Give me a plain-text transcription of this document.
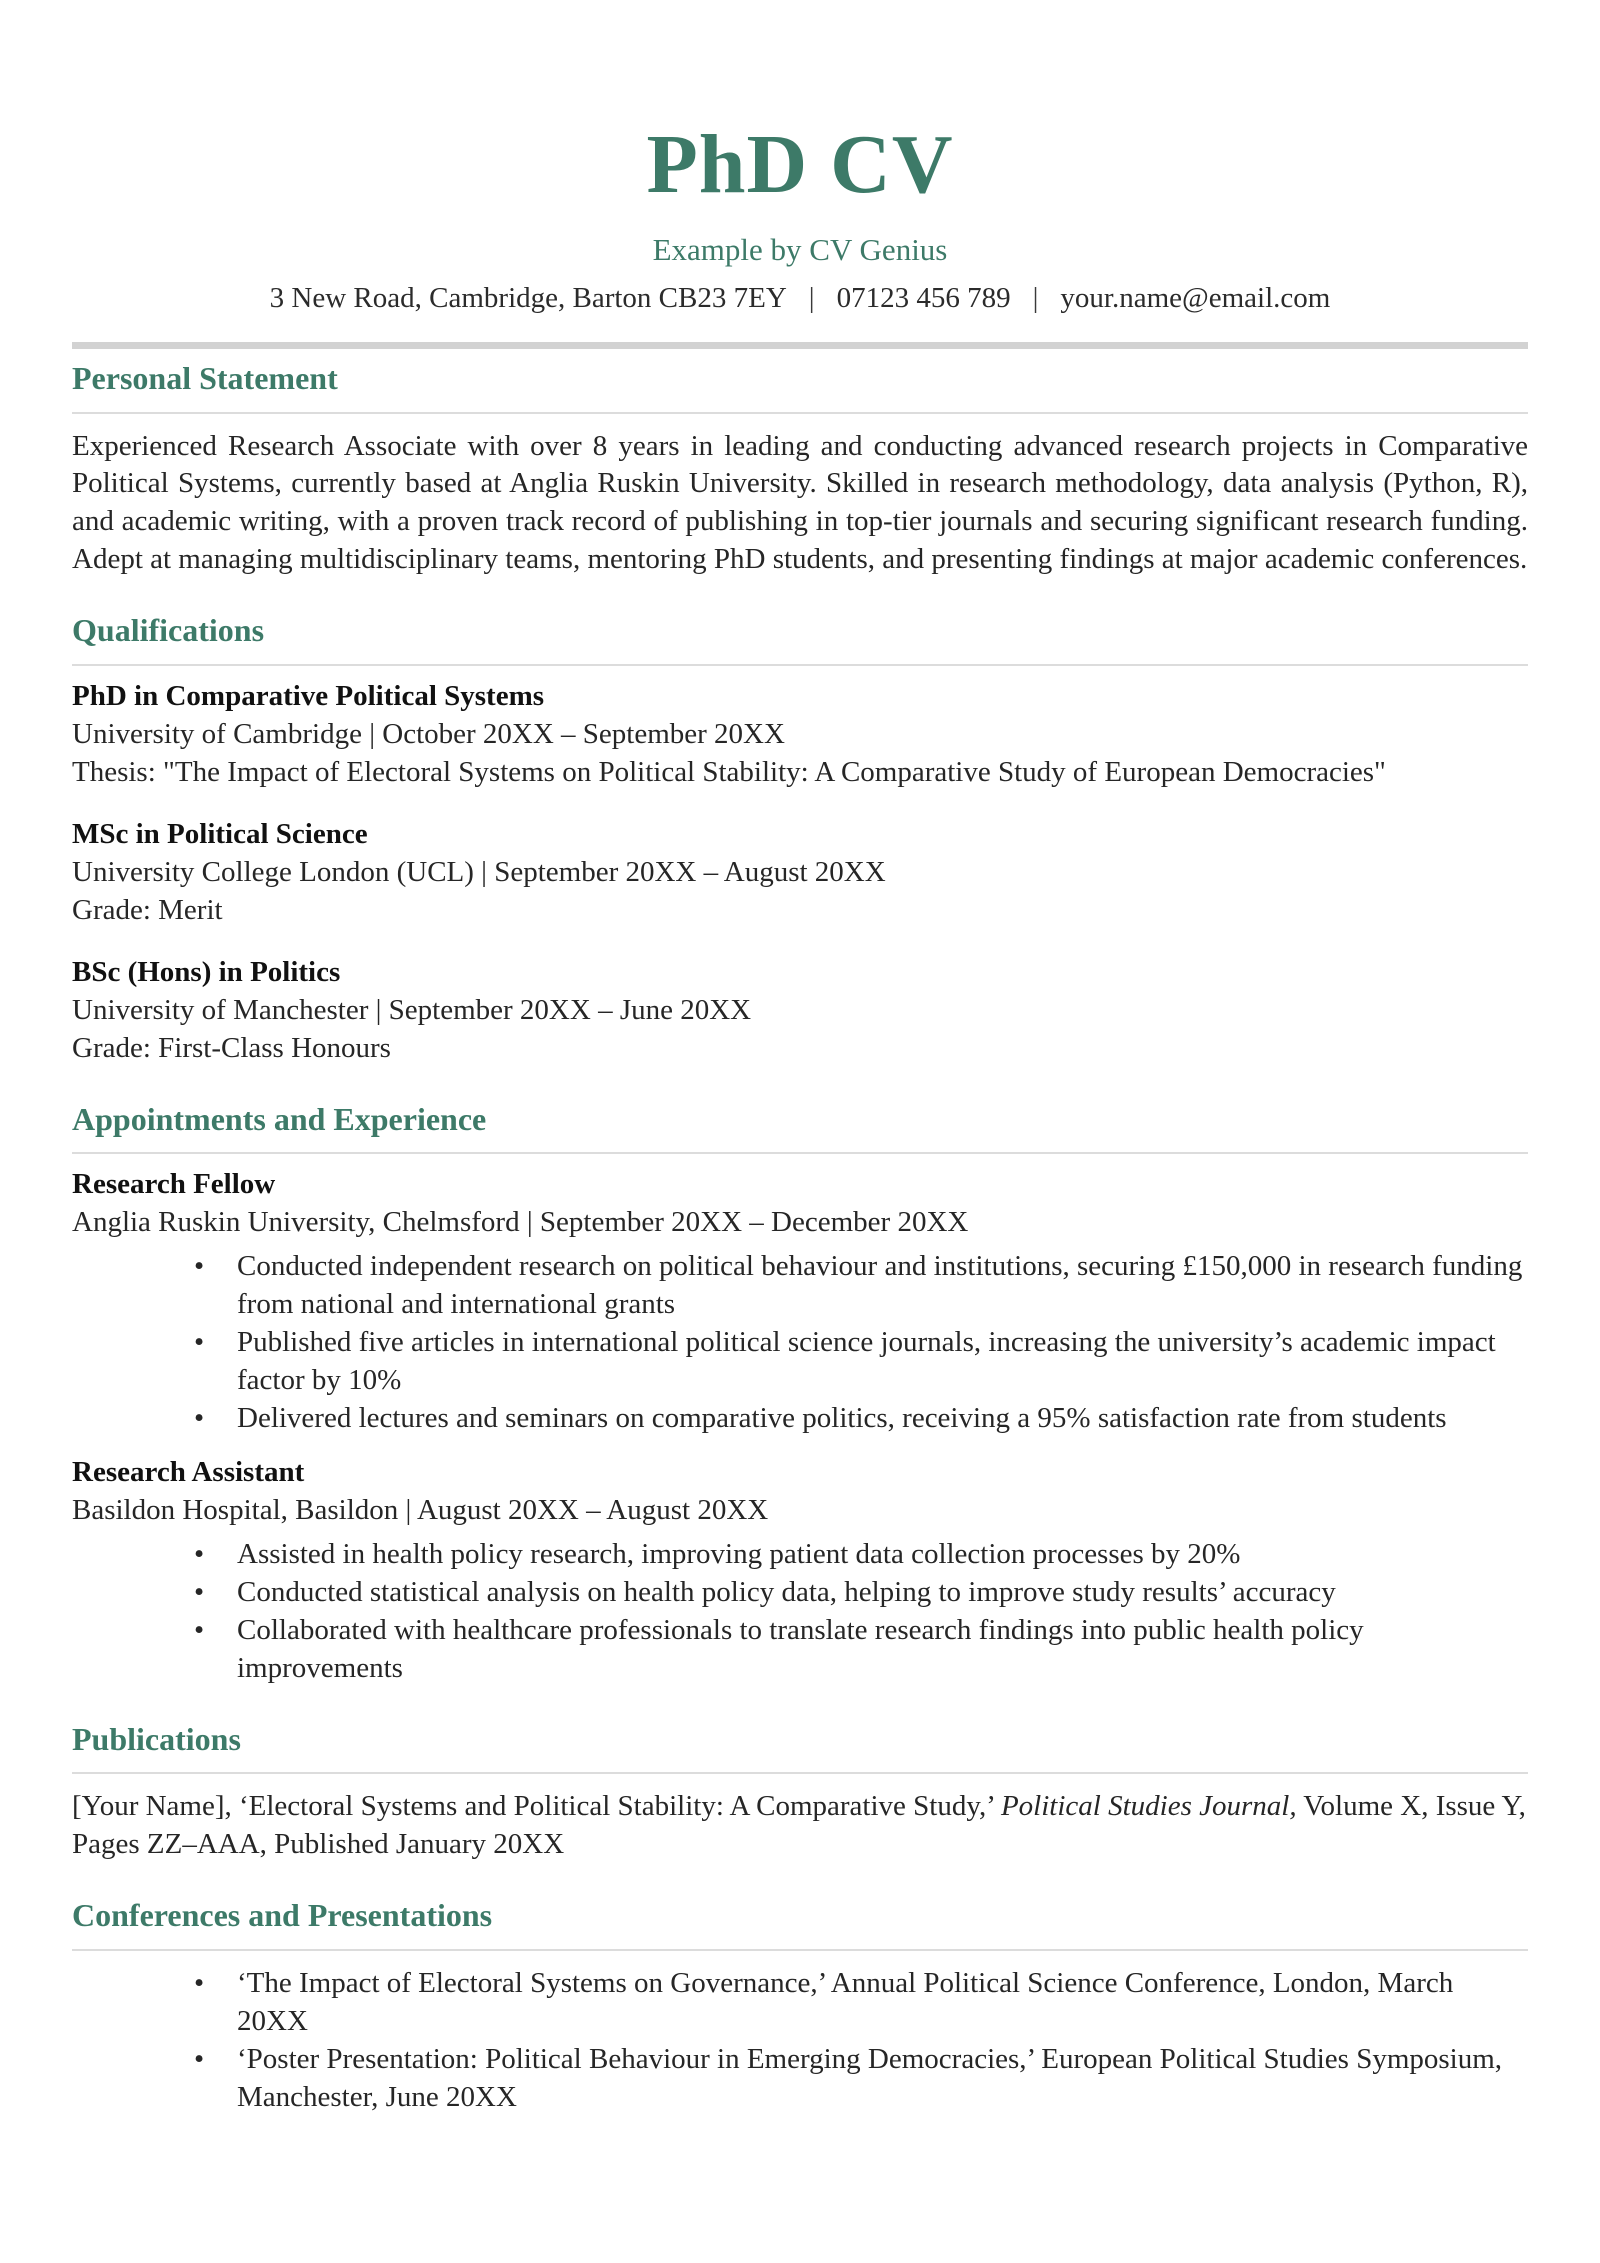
PhD CV
Example by CV Genius
3 New Road, Cambridge, Barton CB23 7EY | 07123 456 789 | your.name@email.com
Personal Statement

Experienced Research Associate with over 8 years in leading and conducting advanced research projects in Comparative Political Systems, currently based at Anglia Ruskin University. Skilled in research methodology, data analysis (Python, R), and academic writing, with a proven track record of publishing in top-tier journals and securing significant research funding. Adept at managing multidisciplinary teams, mentoring PhD students, and presenting findings at major academic conferences.

Qualifications

PhD in Comparative Political Systems

University of Cambridge | October 20XX – September 20XX

Thesis: "The Impact of Electoral Systems on Political Stability: A Comparative Study of European Democracies"

MSc in Political Science

University College London (UCL) | September 20XX – August 20XX

Grade: Merit

BSc (Hons) in Politics

University of Manchester | September 20XX – June 20XX

Grade: First-Class Honours

Appointments and Experience

Research Fellow

Anglia Ruskin University, Chelmsford | September 20XX – December 20XX

• Conducted independent research on political behaviour and institutions, securing £150,000 in research funding from national and international grants
• Published five articles in international political science journals, increasing the university’s academic impact factor by 10%
• Delivered lectures and seminars on comparative politics, receiving a 95% satisfaction rate from students

Research Assistant

Basildon Hospital, Basildon | August 20XX – August 20XX

• Assisted in health policy research, improving patient data collection processes by 20%
• Conducted statistical analysis on health policy data, helping to improve study results’ accuracy
• Collaborated with healthcare professionals to translate research findings into public health policy improvements
Publications

[Your Name], ‘Electoral Systems and Political Stability: A Comparative Study,’ Political Studies Journal, Volume X, Issue Y, Pages ZZ–AAA, Published January 20XX

Conferences and Presentations
• ‘The Impact of Electoral Systems on Governance,’ Annual Political Science Conference, London, March 20XX
• ‘Poster Presentation: Political Behaviour in Emerging Democracies,’ European Political Studies Symposium, Manchester, June 20XX
